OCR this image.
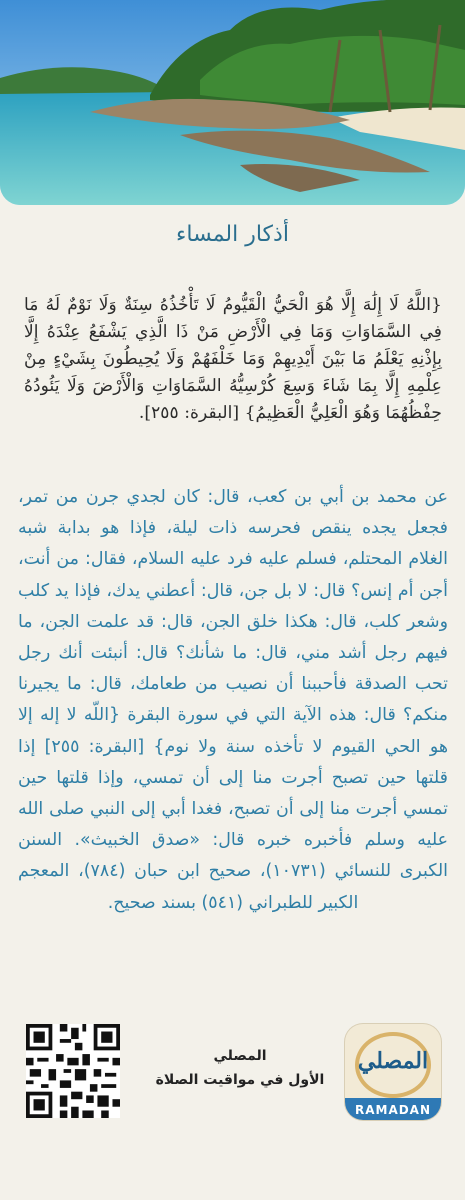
أذكار المساء
{اللَّهُ لَا إِلَٰهَ إِلَّا هُوَ الْحَيُّ الْقَيُّومُ لَا تَأْخُذُهُ سِنَةٌ وَلَا نَوْمٌ لَهُ مَا فِي السَّمَاوَاتِ وَمَا فِي الْأَرْضِ مَنْ ذَا الَّذِي يَشْفَعُ عِنْدَهُ إِلَّا بِإِذْنِهِ يَعْلَمُ مَا بَيْنَ أَيْدِيهِمْ وَمَا خَلْفَهُمْ وَلَا يُحِيطُونَ بِشَيْءٍ مِنْ عِلْمِهِ إِلَّا بِمَا شَاءَ وَسِعَ كُرْسِيُّهُ السَّمَاوَاتِ وَالْأَرْضَ وَلَا يَئُودُهُ حِفْظُهُمَا وَهُوَ الْعَلِيُّ الْعَظِيمُ} [البقرة: ٢٥٥].
عن محمد بن أبي بن كعب، قال: كان لجدي جرن من تمر، فجعل يجده ينقص فحرسه ذات ليلة، فإذا هو بدابة شبه الغلام المحتلم، فسلم عليه فرد عليه السلام، فقال: من أنت، أجن أم إنس؟ قال: لا بل جن، قال: أعطني يدك، فإذا يد كلب وشعر كلب، قال: هكذا خلق الجن، قال: قد علمت الجن، ما فيهم رجل أشد مني، قال: ما شأنك؟ قال: أنبئت أنك رجل تحب الصدقة فأحببنا أن نصيب من طعامك، قال: ما يجيرنا منكم؟ قال: هذه الآية التي في سورة البقرة {اللّه لا إله إلا هو الحي القيوم لا تأخذه سنة ولا نوم} [البقرة: ٢٥٥] إذا قلتها حين تصبح أجرت منا إلى أن تمسي، وإذا قلتها حين تمسي أجرت منا إلى أن تصبح، فغدا أبي إلى النبي صلى الله عليه وسلم فأخبره خبره قال: «صدق الخبيث». السنن الكبرى للنسائي (١٠٧٣١)، صحيح ابن حبان (٧٨٤)، المعجم الكبير للطبراني (٥٤١) بسند صحيح.
المصلي
الأول في مواقيت الصلاة
المصلي
RAMADAN
